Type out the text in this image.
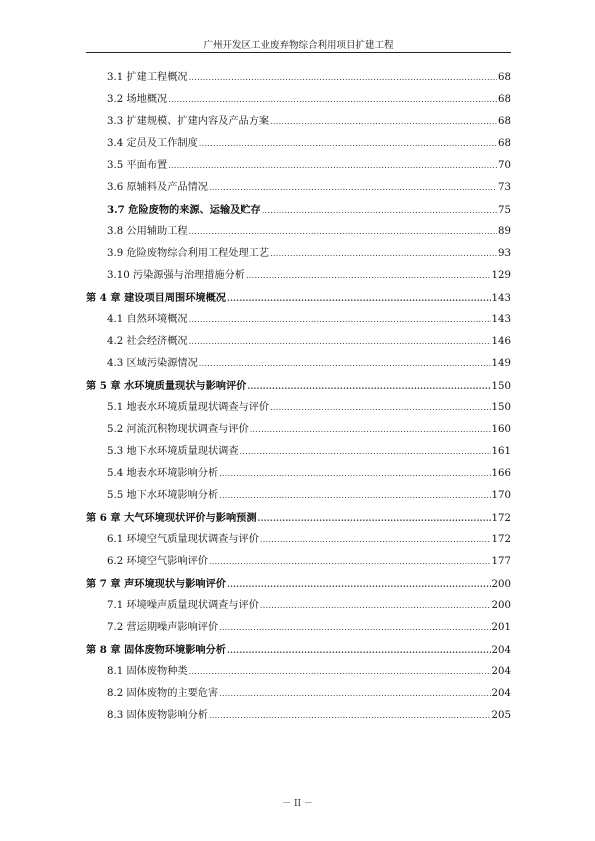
广州开发区工业废弃物综合利用项目扩建工程
3.1 扩建工程概况 .....	68
3.2 场地概况 .....	68
3.3 扩建规模、扩建内容及产品方案 .....	68
3.4 定员及工作制度 .....	68
3.5 平面布置 .....	70
3.6 原辅料及产品情况 .....	73
3.7 危险废物的来源、运输及贮存 .....	75
3.8 公用辅助工程 .....	89
3.9 危险废物综合利用工程处理工艺 .....	93
3.10 污染源强与治理措施分析 .....	129
第 4 章 建设项目周围环境概况 .....	143
4.1 自然环境概况 .....	143
4.2 社会经济概况 .....	146
4.3 区域污染源情况 .....	149
第 5 章 水环境质量现状与影响评价 .....	150
5.1 地表水环境质量现状调查与评价 .....	150
5.2 河流沉积物现状调查与评价 .....	160
5.3 地下水环境质量现状调查 .....	161
5.4 地表水环境影响分析 .....	166
5.5 地下水环境影响分析 .....	170
第 6 章 大气环境现状评价与影响预测 .....	172
6.1 环境空气质量现状调查与评价 .....	172
6.2 环境空气影响评价 .....	177
第 7 章 声环境现状与影响评价 .....	200
7.1 环境噪声质量现状调查与评价 .....	200
7.2 营运期噪声影响评价 .....	201
第 8 章 固体废物环境影响分析 .....	204
8.1 固体废物种类 .....	204
8.2 固体废物的主要危害 .....	204
8.3 固体废物影响分析 .....	205
－ II －
